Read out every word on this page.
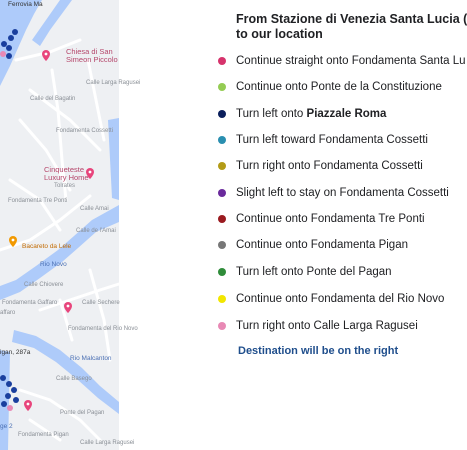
Ferrovia Ma
Chiesa di San
Simeon Piccolo
Cinqueteste
Luxury Home
Tolrates
Bacareto da Lele
Calle de l'Amai
igan, 287a
Calle Basego
Ponte del Pagan
ge 2
Calle del Bagatin
Fondamenta Cossetti
Calle Larga Ragusei
Rio Novo
Fondamenta Tre Ponti
Calle Chiovere
Fondamenta Gaffaro	Calle Sechere
Fondamenta del Rio Novo
Rio Malcanton
Calle Larga Ragusei
affaro
Fondamenta Pigan
Calle Amai
From Stazione di Venezia Santa Lucia (
to our location
Continue straight onto Fondamenta Santa Lu
Continue onto Ponte de la Constituzione
Turn left onto Piazzale Roma
Turn left toward Fondamenta Cossetti
Turn right onto Fondamenta Cossetti
Slight left to stay on Fondamenta Cossetti
Continue onto Fondamenta Tre Ponti
Continue onto Fondamenta Pigan
Turn left onto Ponte del Pagan
Continue onto Fondamenta del Rio Novo
Turn right onto Calle Larga Ragusei
Destination will be on the right
